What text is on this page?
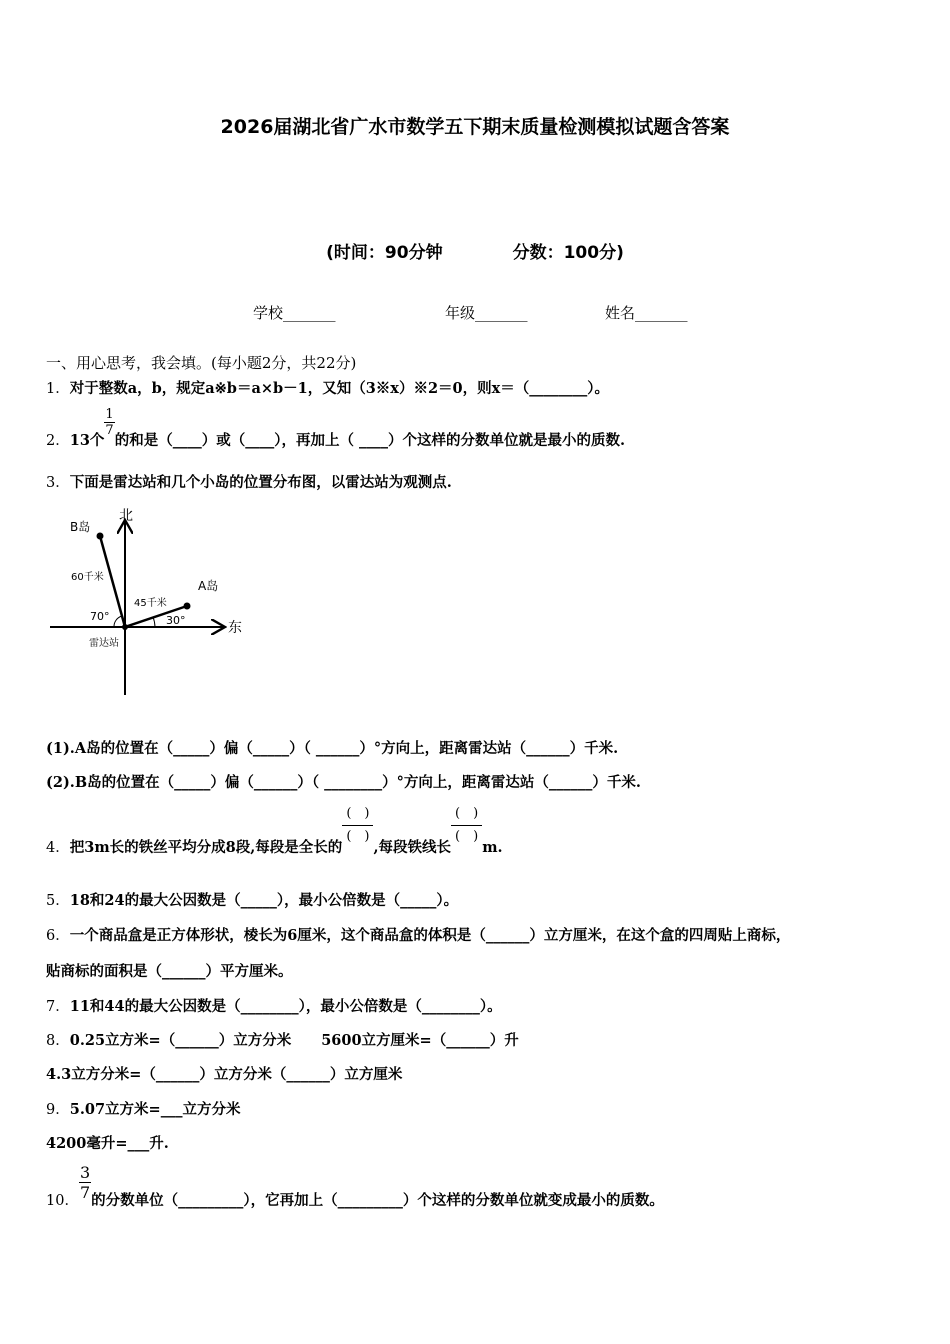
2026届湖北省广水市数学五下期末质量检测模拟试题含答案
(时间：90分钟	分数：100分)
学校_______	年级_______	姓名_______
一、用心思考，我会填。(每小题2分，共22分)
1．对于整数a，b，规定a※b＝a×b－1，又知（3※x）※2＝0，则x＝（________）。
2．13个
$\frac{1}{7}$
的和是（____）或（____），再加上（ ____）个这样的分数单位就是最小的质数.
3．下面是雷达站和几个小岛的位置分布图，以雷达站为观测点.
北
东
B岛
A岛
60千米
45千米
70°	30°
雷达站
(1).A岛的位置在（_____）偏（_____）（ ______）°方向上，距离雷达站（______）千米.
(2).B岛的位置在（_____）偏（______）（ ________）°方向上，距离雷达站（______）千米.
4．把3m长的铁丝平均分成8段,每段是全长的
(　)
(　)
,每段铁线长
(　)
(　)
m.
5．18和24的最大公因数是（_____），最小公倍数是（_____）。
6．一个商品盒是正方体形状，棱长为6厘米，这个商品盒的体积是（______）立方厘米，在这个盒的四周贴上商标，
贴商标的面积是（______）平方厘米。
7．11和44的最大公因数是（________），最小公倍数是（________）。
8．0.25立方米=（______）立方分米 5600立方厘米=（______）升
4.3立方分米=（______）立方分米（______）立方厘米
9．5.07立方米=___立方分米
4200毫升=___升.
10． $\frac{3}{7}$ 的分数单位（_________），它再加上（_________）个这样的分数单位就变成最小的质数。
